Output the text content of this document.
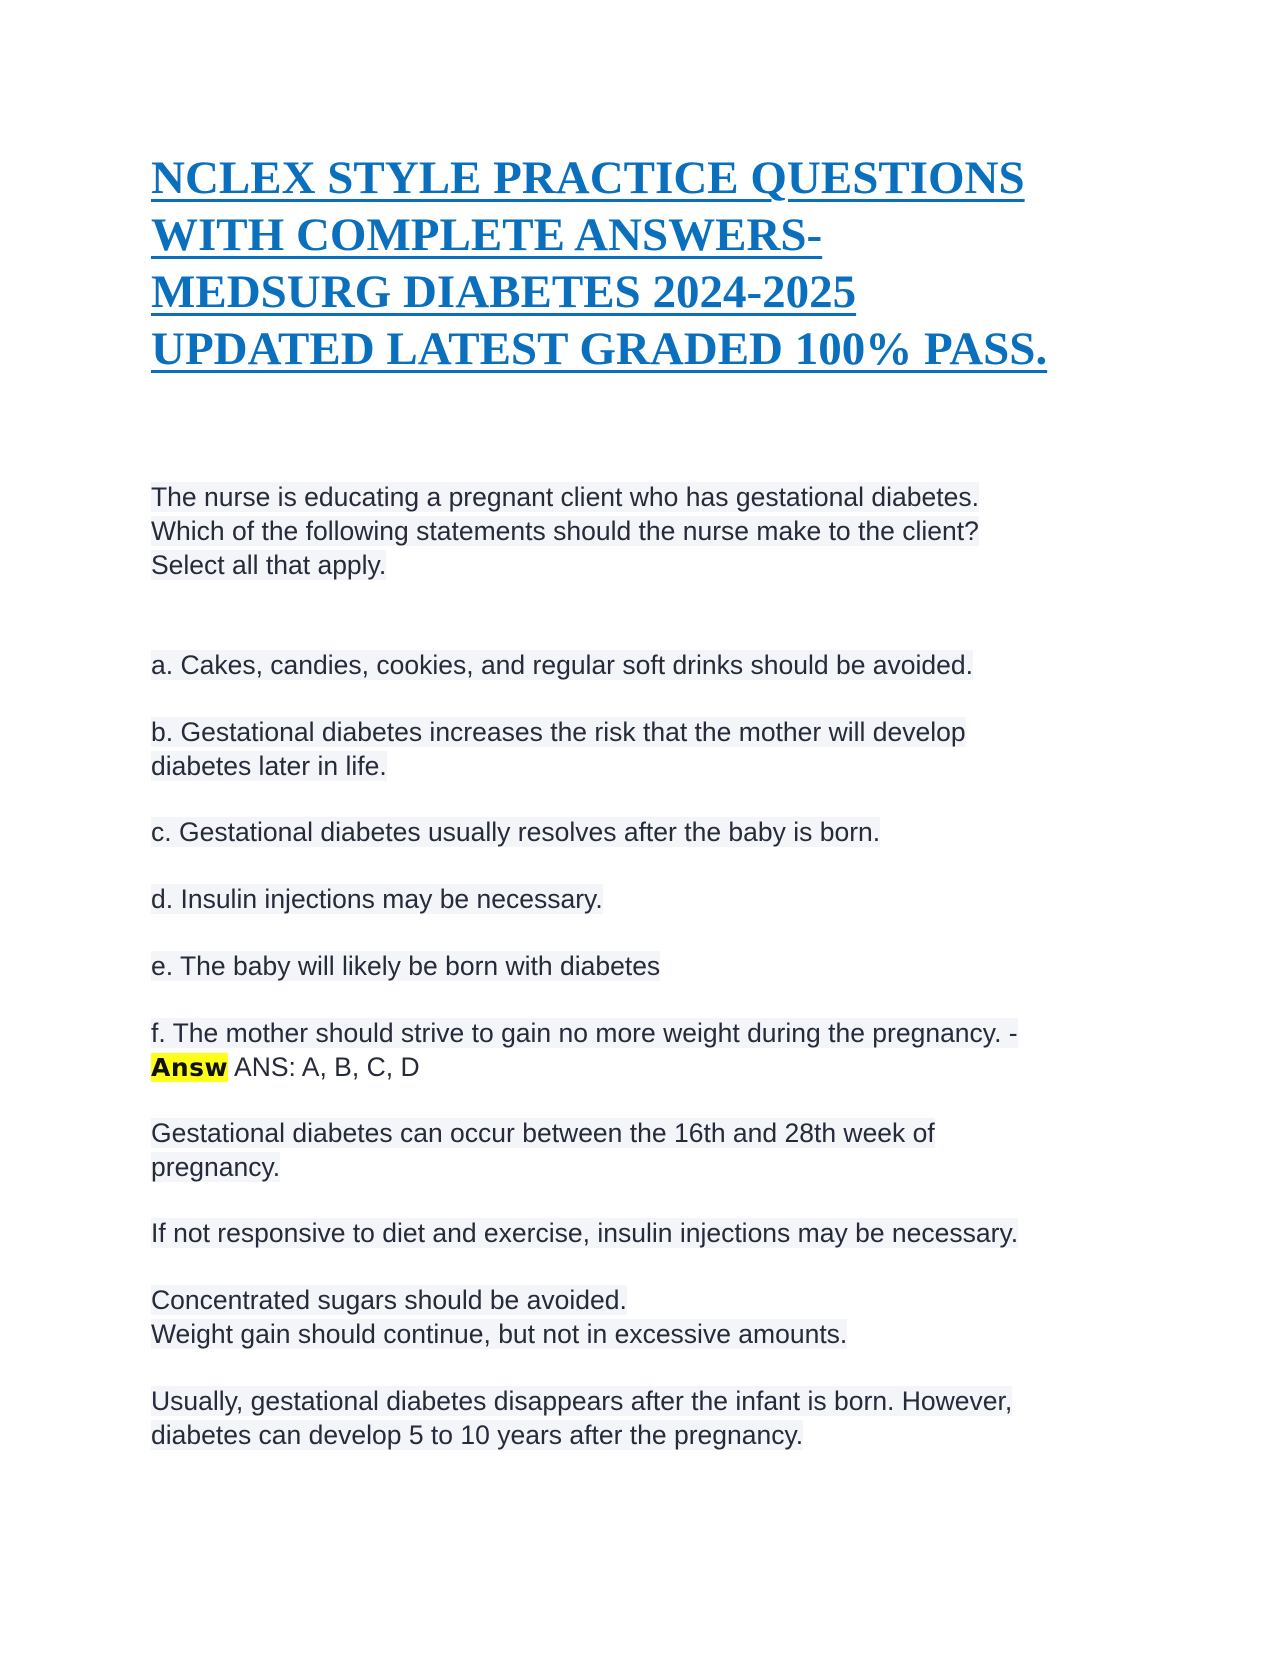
NCLEX STYLE PRACTICE QUESTIONS
WITH COMPLETE ANSWERS-
MEDSURG DIABETES 2024-2025
UPDATED LATEST GRADED 100% PASS.
The nurse is educating a pregnant client who has gestational diabetes.
Which of the following statements should the nurse make to the client?
Select all that apply.
a. Cakes, candies, cookies, and regular soft drinks should be avoided.
b. Gestational diabetes increases the risk that the mother will develop
diabetes later in life.
c. Gestational diabetes usually resolves after the baby is born.
d. Insulin injections may be necessary.
e. The baby will likely be born with diabetes
f. The mother should strive to gain no more weight during the pregnancy. -
Answ ANS: A, B, C, D
Gestational diabetes can occur between the 16th and 28th week of
pregnancy.
If not responsive to diet and exercise, insulin injections may be necessary.
Concentrated sugars should be avoided.
Weight gain should continue, but not in excessive amounts.
Usually, gestational diabetes disappears after the infant is born. However,
diabetes can develop 5 to 10 years after the pregnancy.
